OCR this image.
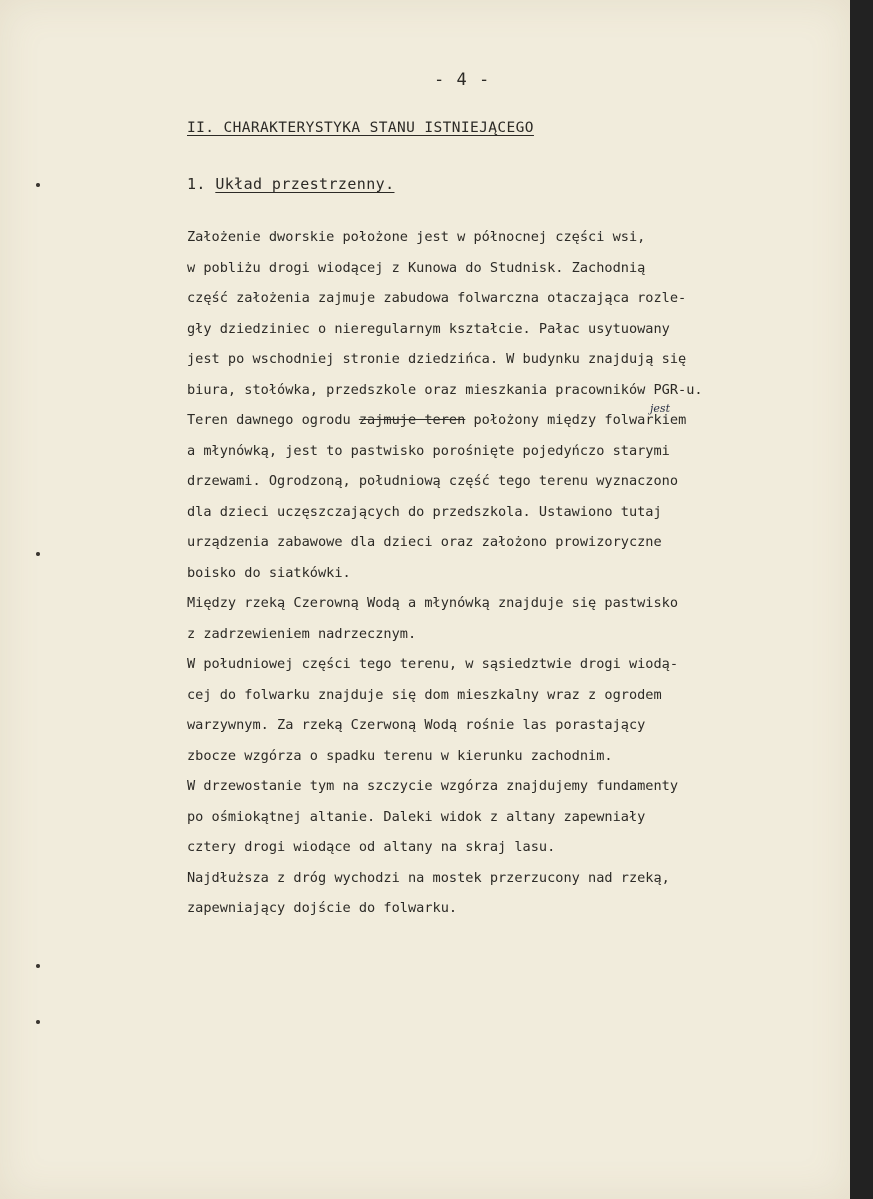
- 4 -
II. CHARAKTERYSTYKA STANU ISTNIEJĄCEGO
1. Układ przestrzenny.
Założenie dworskie położone jest w północnej części wsi,
w pobliżu drogi wiodącej z Kunowa do Studnisk. Zachodnią
część założenia zajmuje zabudowa folwarczna otaczająca rozle-
gły dziedziniec o nieregularnym kształcie. Pałac usytuowany
jest po wschodniej stronie dziedzińca. W budynku znajdują się
biura, stołówka, przedszkole oraz mieszkania pracowników PGR-u.
Teren dawnego ogrodu zajmuje teren położony między folwarkiem
jest
a młynówką, jest to pastwisko porośnięte pojedyńczo starymi
drzewami. Ogrodzoną, południową część tego terenu wyznaczono
dla dzieci uczęszczających do przedszkola. Ustawiono tutaj
urządzenia zabawowe dla dzieci oraz założono prowizoryczne
boisko do siatkówki.
Między rzeką Czerowną Wodą a młynówką znajduje się pastwisko
z zadrzewieniem nadrzecznym.
W południowej części tego terenu, w sąsiedztwie drogi wiodą-
cej do folwarku znajduje się dom mieszkalny wraz z ogrodem
warzywnym. Za rzeką Czerwoną Wodą rośnie las porastający
zbocze wzgórza o spadku terenu w kierunku zachodnim.
W drzewostanie tym na szczycie wzgórza znajdujemy fundamenty
po ośmiokątnej altanie. Daleki widok z altany zapewniały
cztery drogi wiodące od altany na skraj lasu.
Najdłuższa z dróg wychodzi na mostek przerzucony nad rzeką,
zapewniający dojście do folwarku.
